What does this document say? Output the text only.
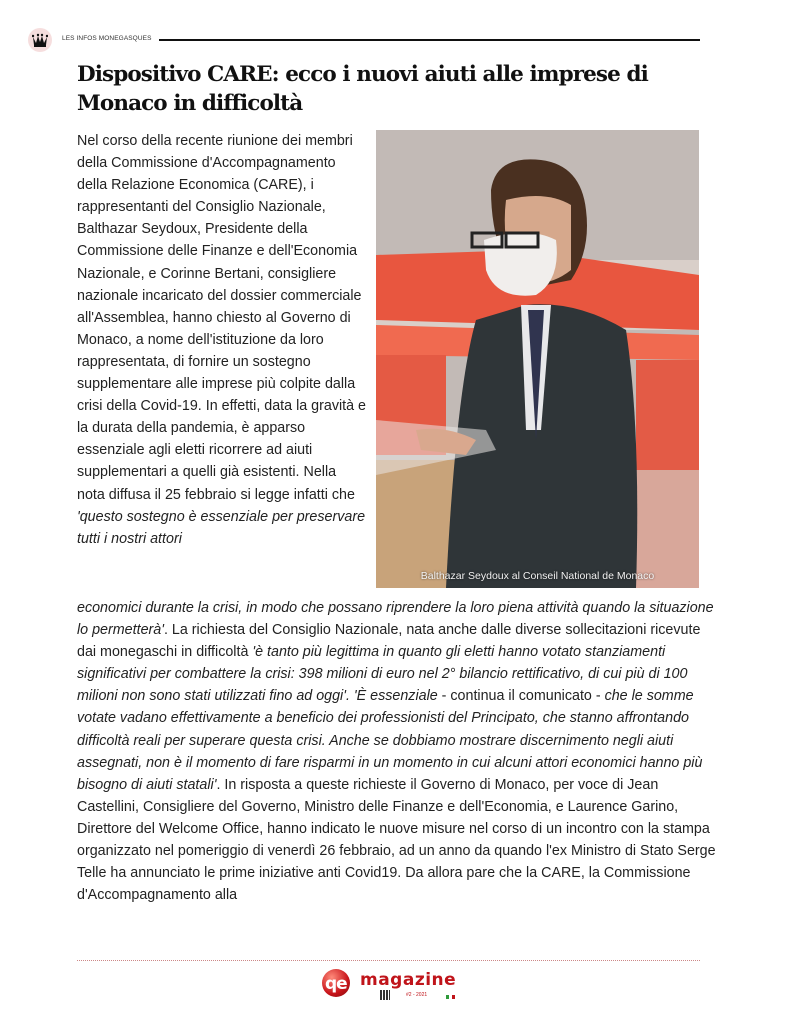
LES INFOS MONEGASQUES
Dispositivo CARE: ecco i nuovi aiuti alle imprese di Monaco in difficoltà

Nel corso della recente riunione dei membri della Commissione d'Accompagnamento della Relazione Economica (CARE), i rappresentanti del Consiglio Nazionale, Balthazar Seydoux, Presidente della Commissione delle Finanze e dell'Economia Nazionale, e Corinne Bertani, consigliere nazionale incaricato del dossier commerciale all'Assemblea, hanno chiesto al Governo di Monaco, a nome dell'istituzione da loro rappresentata, di fornire un sostegno supplementare alle imprese più colpite dalla crisi della Covid-19. In effetti, data la gravità e la durata della pandemia, è apparso essenziale agli eletti ricorrere ad aiuti supplementari a quelli già esistenti. Nella nota diffusa il 25 febbraio si legge infatti che 'questo sostegno è essenziale per preservare tutti i nostri attori

Balthazar Seydoux al Conseil National de Monaco

economici durante la crisi, in modo che possano riprendere la loro piena attività quando la situazione lo permetterà'. La richiesta del Consiglio Nazionale, nata anche dalle diverse sollecitazioni ricevute dai monegaschi in difficoltà 'è tanto più legittima in quanto gli eletti hanno votato stanziamenti significativi per combattere la crisi: 398 milioni di euro nel 2° bilancio rettificativo, di cui più di 100 milioni non sono stati utilizzati fino ad oggi'. 'È essenziale - continua il comunicato - che le somme votate vadano effettivamente a beneficio dei professionisti del Principato, che stanno affrontando difficoltà reali per superare questa crisi. Anche se dobbiamo mostrare discernimento negli aiuti assegnati, non è il momento di fare risparmi in un momento in cui alcuni attori economici hanno più bisogno di aiuti statali'. In risposta a queste richieste il Governo di Monaco, per voce di Jean Castellini, Consigliere del Governo, Ministro delle Finanze e dell'Economia, e Laurence Garino, Direttore del Welcome Office, hanno indicato le nuove misure nel corso di un incontro con la stampa organizzato nel pomeriggio di venerdì 26 febbraio, ad un anno da quando l'ex Ministro di Stato Serge Telle ha annunciato le prime iniziative anti Covid19. Da allora pare che la CARE, la Commissione d'Accompagnamento alla

qe magazine
#2 - 2021
